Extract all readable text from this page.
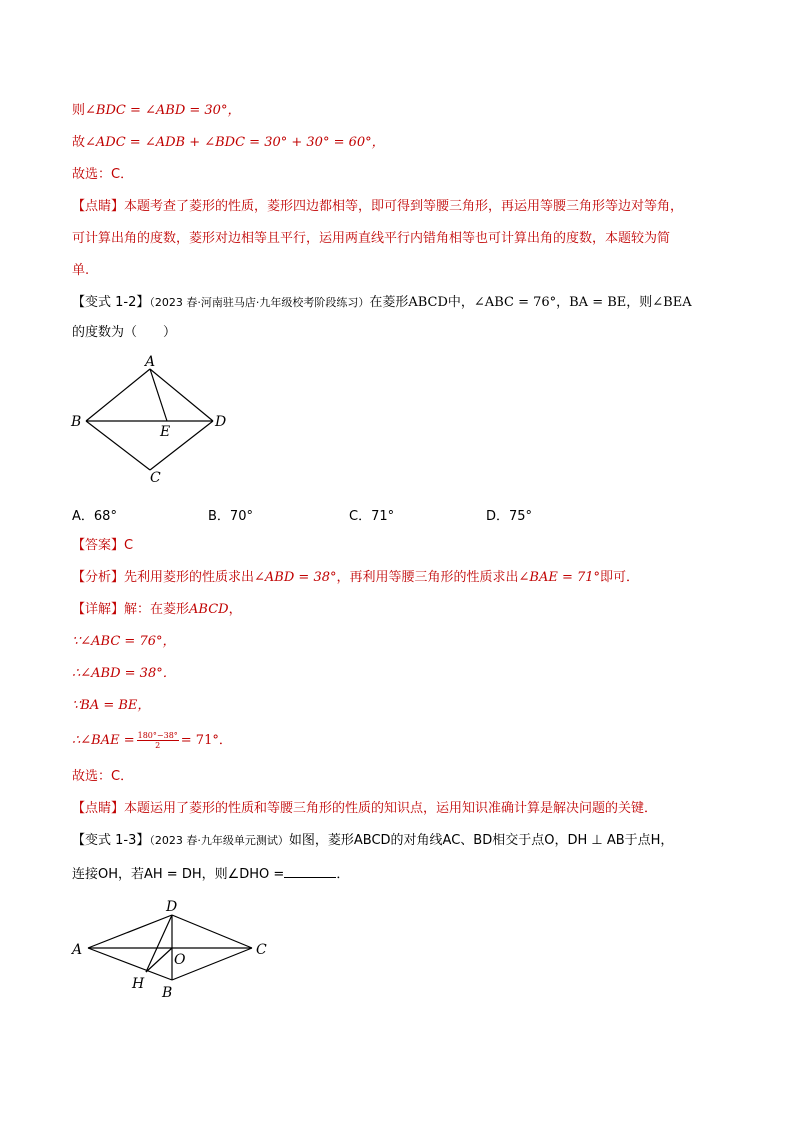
则∠BDC = ∠ABD = 30°，
故∠ADC = ∠ADB + ∠BDC = 30° + 30° = 60°，
故选：C．
【点睛】本题考查了菱形的性质，菱形四边都相等，即可得到等腰三角形，再运用等腰三角形等边对等角，
可计算出角的度数，菱形对边相等且平行，运用两直线平行内错角相等也可计算出角的度数，本题较为简
单.
【变式 1-2】（2023 春·河南驻马店·九年级校考阶段练习）在菱形ABCD中，∠ABC = 76°，BA = BE，则∠BEA
的度数为（　　）
A
B
E
D
C
A．68°	B．70°	C．71°	D．75°
【答案】C
【分析】先利用菱形的性质求出∠ABD = 38°，再利用等腰三角形的性质求出∠BAE = 71°即可．
【详解】解：在菱形ABCD，
∵∠ABC = 76°，
∴∠ABD = 38°．
∵BA = BE，
∴∠BAE = $\frac{180^\circ-38^\circ}{2} = 71^\circ$．
故选：C．
【点睛】本题运用了菱形的性质和等腰三角形的性质的知识点，运用知识准确计算是解决问题的关键．
【变式 1-3】（2023 春·九年级单元测试）如图，菱形ABCD的对角线AC、BD相交于点O，DH ⊥ AB于点H，
连接OH，若AH = DH，则∠DHO =	．
D
A	C
O
H
B
